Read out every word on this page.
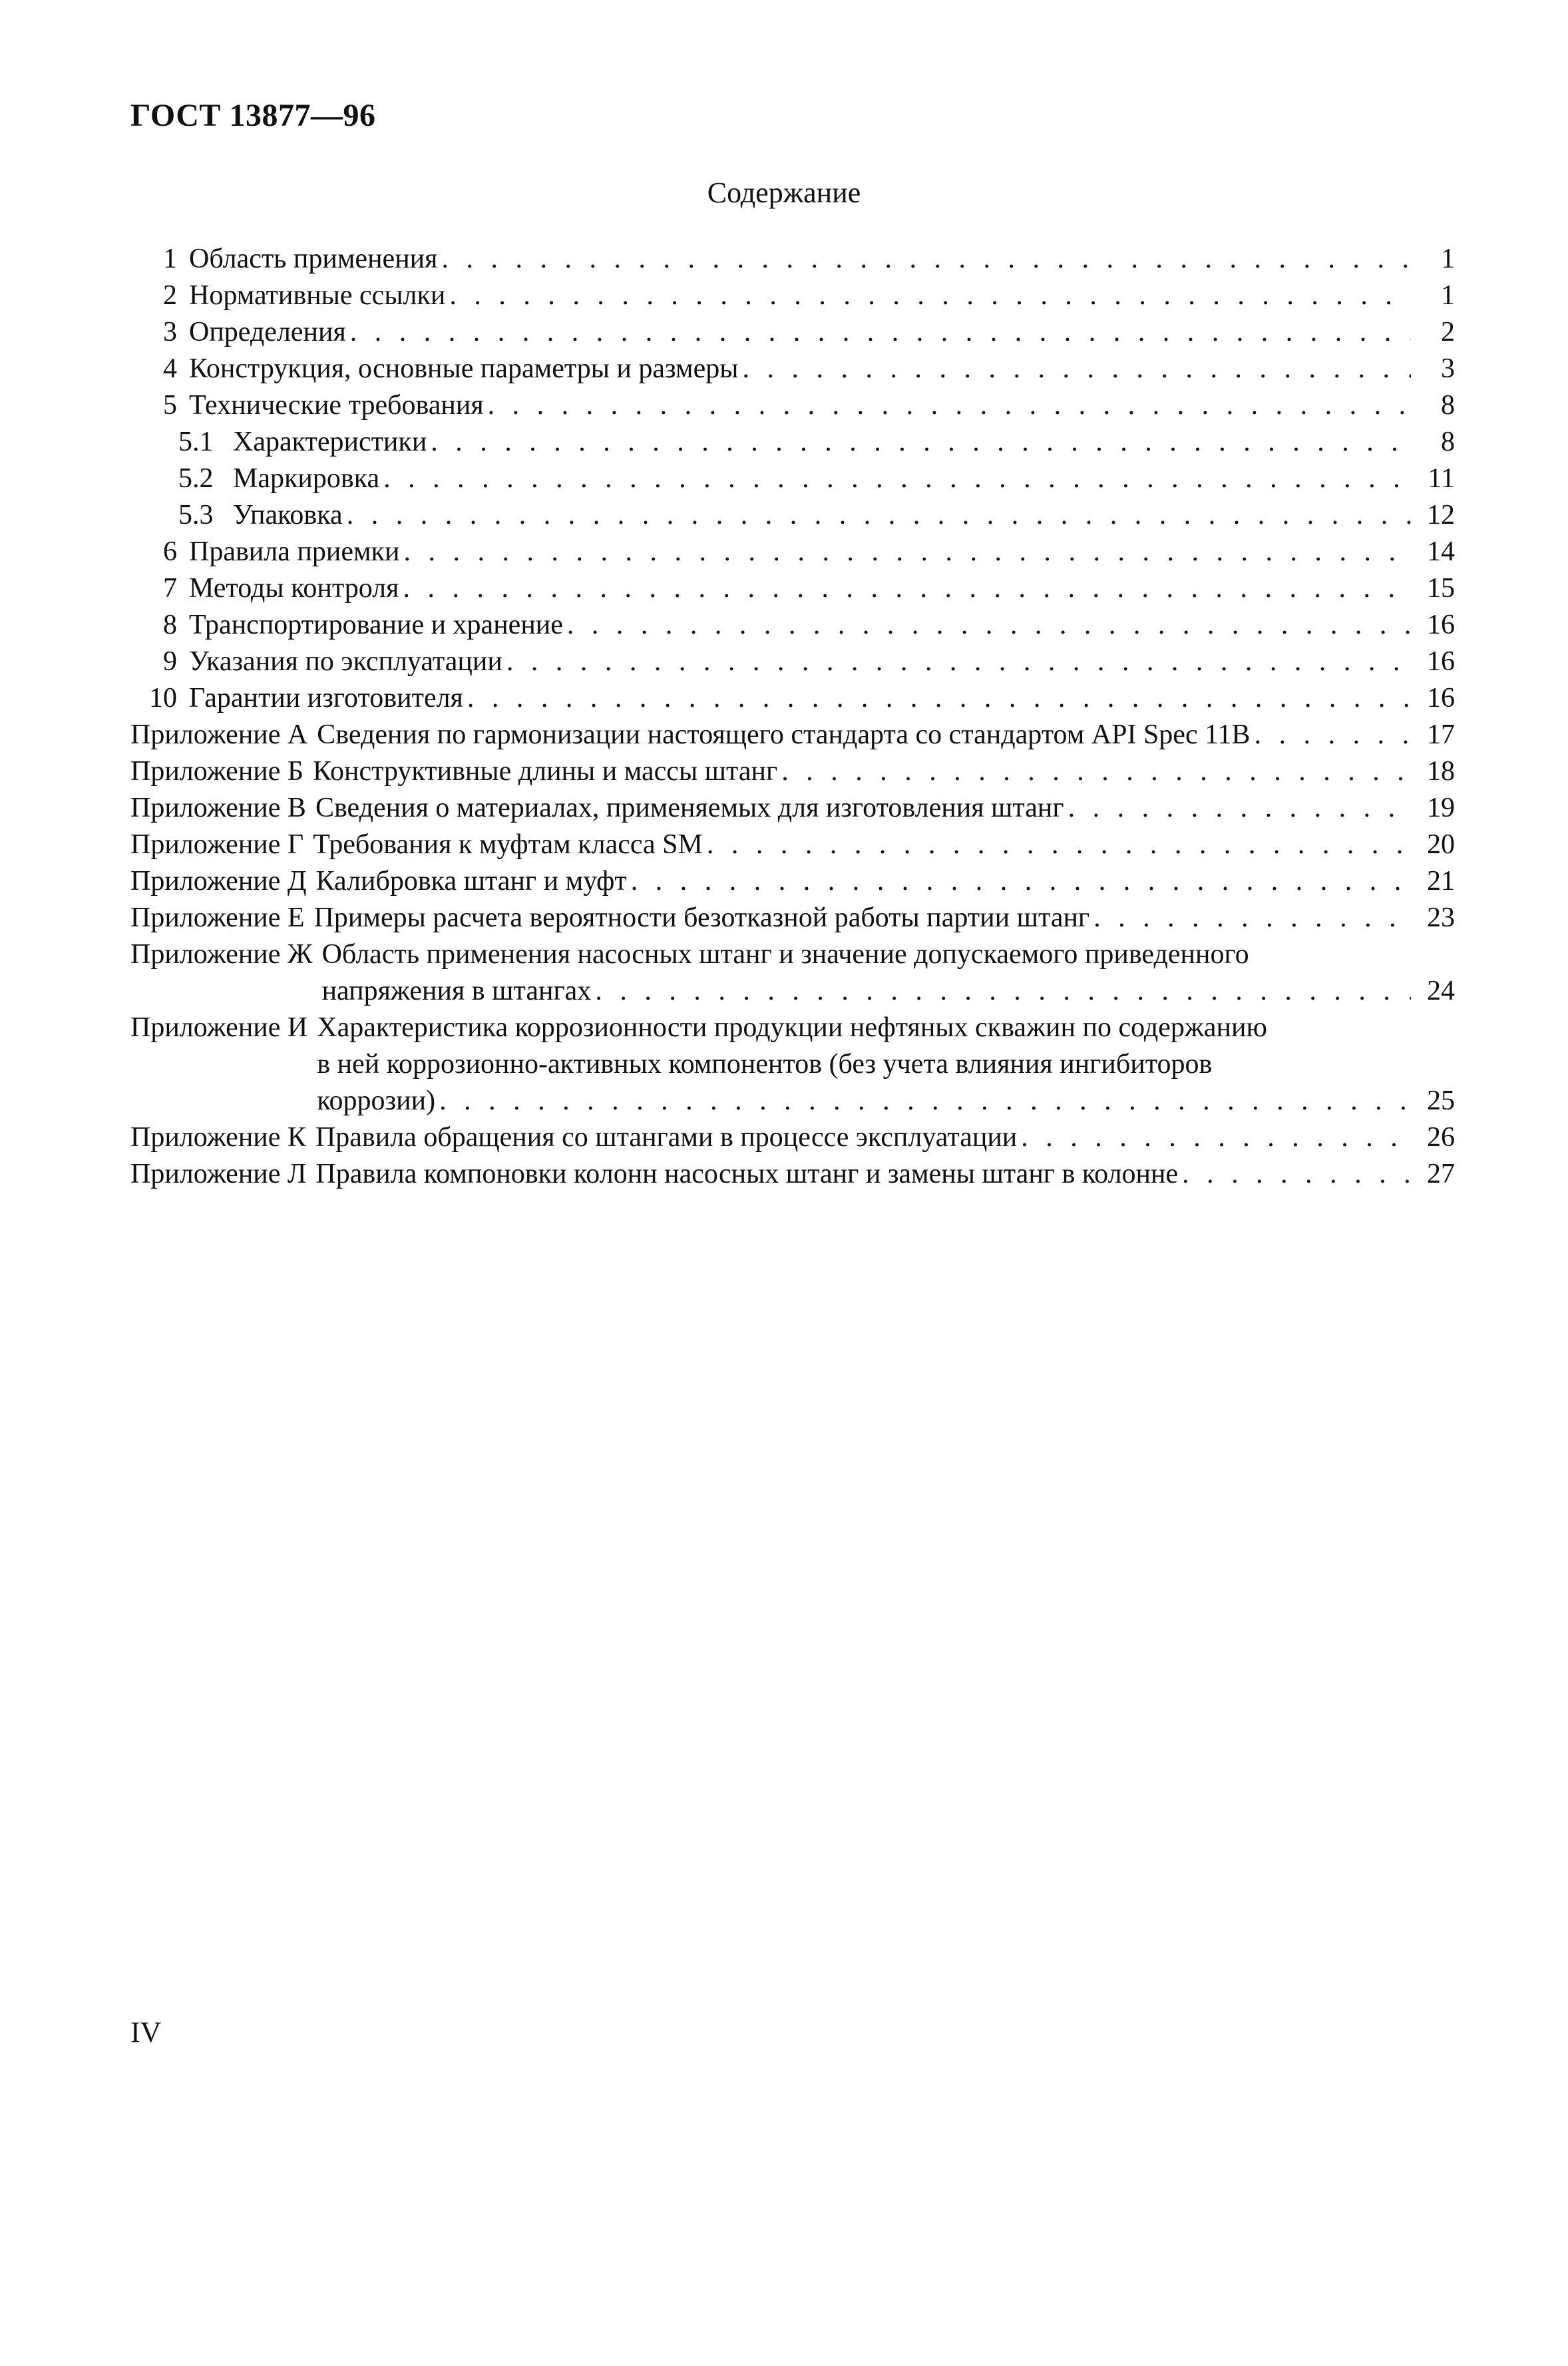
ГОСТ 13877—96
Содержание
1 Область применения . . .	1
2 Нормативные ссылки . . .	1
3 Определения . . .	2
4 Конструкция, основные параметры и размеры . . .	3
5 Технические требования . . .	8
5.1 Характеристики . . .	8
5.2 Маркировка . . .	11
5.3 Упаковка . . .	12
6 Правила приемки . . .	14
7 Методы контроля . . .	15
8 Транспортирование и хранение . . .	16
9 Указания по эксплуатации . . .	16
10 Гарантии изготовителя . . .	16
Приложение А Сведения по гармонизации настоящего стандарта со стандартом API Spec 11B . . .	17
Приложение Б Конструктивные длины и массы штанг . . .	18
Приложение В Сведения о материалах, применяемых для изготовления штанг . . .	19
Приложение Г Требования к муфтам класса SM . . .	20
Приложение Д Калибровка штанг и муфт . . .	21
Приложение Е Примеры расчета вероятности безотказной работы партии штанг . . .	23
Приложение Ж Область применения насосных штанг и значение допускаемого приведенного
напряжения в штангах . . .	24
Приложение И Характеристика коррозионности продукции нефтяных скважин по содержанию
в ней коррозионно-активных компонентов (без учета влияния ингибиторов
коррозии) . . .	25
Приложение К Правила обращения со штангами в процессе эксплуатации . . .	26
Приложение Л Правила компоновки колонн насосных штанг и замены штанг в колонне . . .	27
IV
